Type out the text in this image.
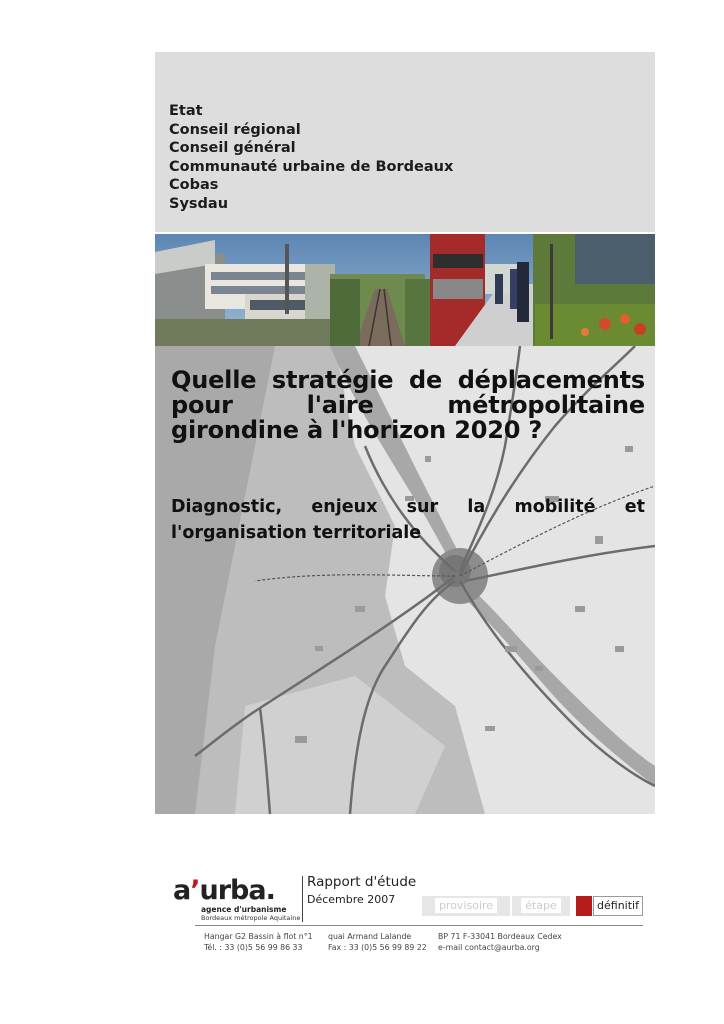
Etat
Conseil régional
Conseil général
Communauté urbaine de Bordeaux
Cobas
Sysdau
Quelle stratégie de déplacements pour l'aire métropolitaine girondine à l'horizon 2020 ?
Diagnostic, enjeux sur la mobilité et l'organisation territoriale
a’urba.
agence d'urbanisme
Bordeaux métropole Aquitaine
Rapport d'étude
Décembre 2007	provisoire	étape	définitif
Hangar G2 Bassin à flot n°1
Tél. : 33 (0)5 56 99 86 33
quai Armand Lalande
Fax : 33 (0)5 56 99 89 22
BP 71 F-33041 Bordeaux Cedex
e-mail contact@aurba.org
